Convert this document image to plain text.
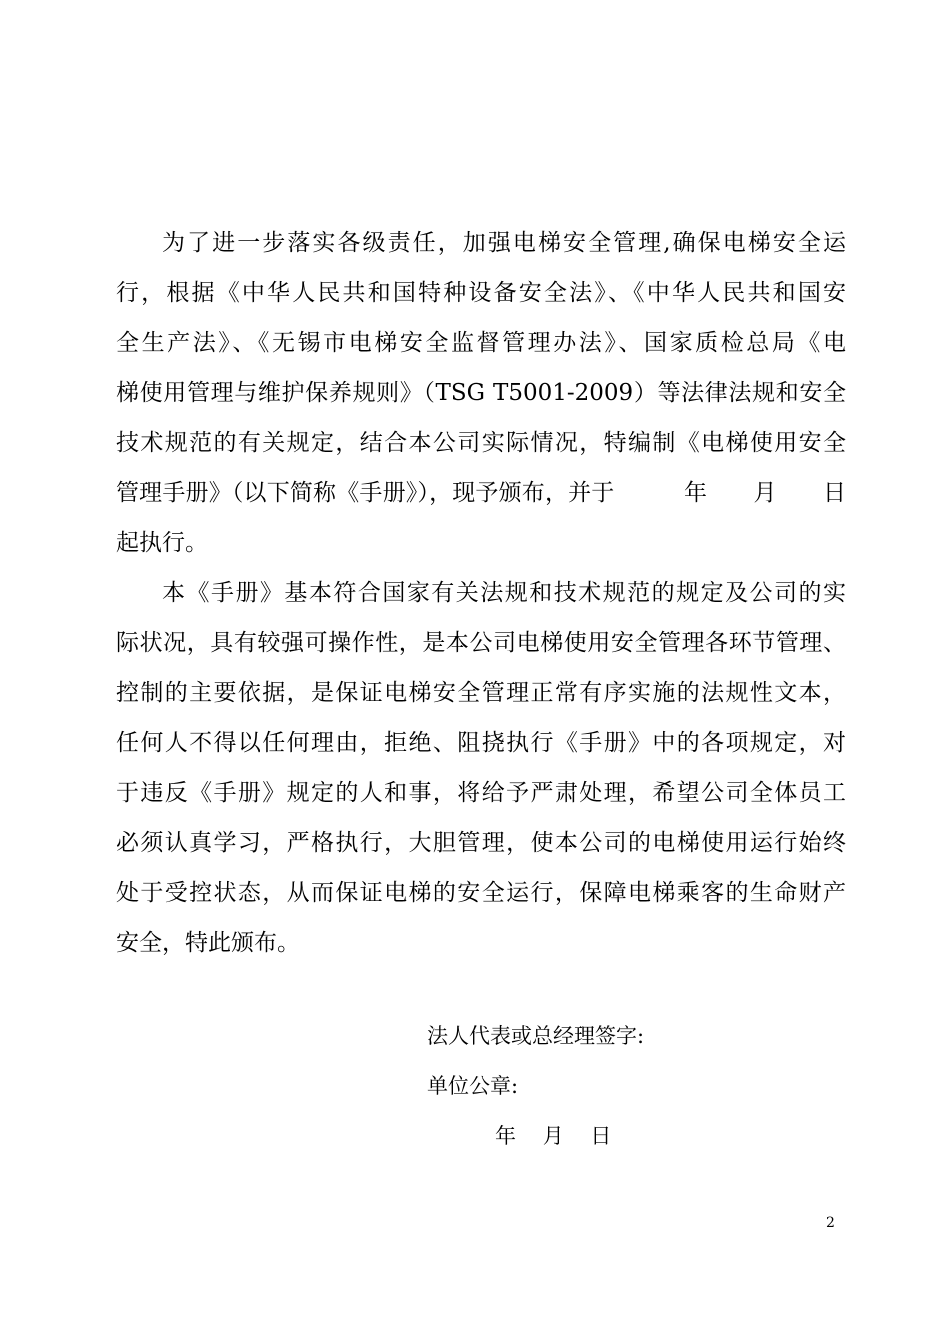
为了进一步落实各级责任，加强电梯安全管理,确保电梯安全运
行，根据《中华人民共和国特种设备安全法》、《中华人民共和国安
全生产法》、《无锡市电梯安全监督管理办法》、国家质检总局《电
梯使用管理与维护保养规则》（TSG T5001-2009）等法律法规和安全
技术规范的有关规定，结合本公司实际情况，特编制《电梯使用安全
管理手册》（以下简称《手册》），现予颁布，并于　　　年　　月　　日
起执行。
本《手册》基本符合国家有关法规和技术规范的规定及公司的实
际状况，具有较强可操作性，是本公司电梯使用安全管理各环节管理、
控制的主要依据，是保证电梯安全管理正常有序实施的法规性文本，
任何人不得以任何理由，拒绝、阻挠执行《手册》中的各项规定，对
于违反《手册》规定的人和事，将给予严肃处理，希望公司全体员工
必须认真学习，严格执行，大胆管理，使本公司的电梯使用运行始终
处于受控状态，从而保证电梯的安全运行，保障电梯乘客的生命财产
安全，特此颁布。
法人代表或总经理签字:
单位公章:
年    月    日
2
